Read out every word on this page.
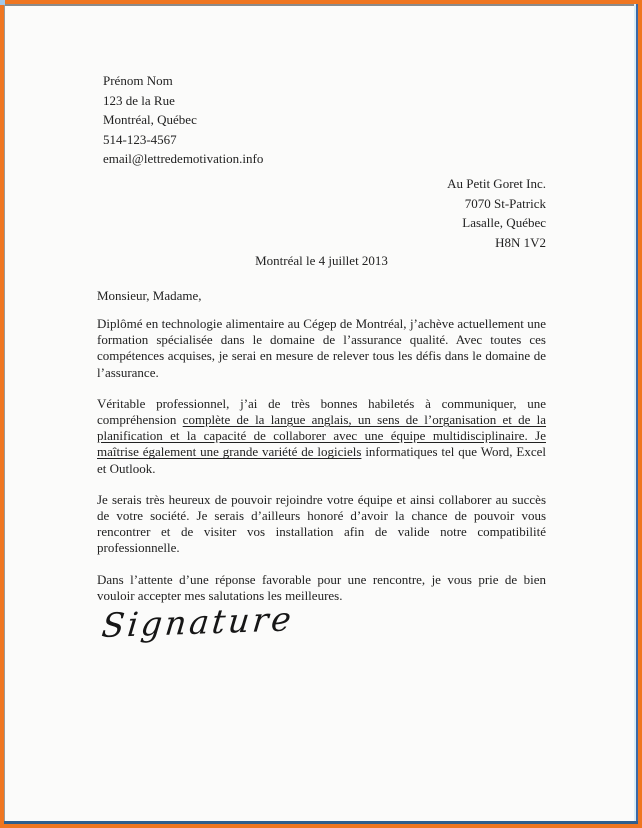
Prénom Nom
123 de la Rue
Montréal, Québec
514-123-4567
email@lettredemotivation.info
Au Petit Goret Inc.
7070 St-Patrick
Lasalle, Québec
H8N 1V2
Montréal le 4 juillet 2013
Monsieur, Madame,

Diplômé en technologie alimentaire au Cégep de Montréal, j’achève actuellement une formation spécialisée dans le domaine de l’assurance qualité. Avec toutes ces compétences acquises, je serai en mesure de relever tous les défis dans le domaine de l’assurance.

Véritable professionnel, j’ai de très bonnes habiletés à communiquer, une compréhension complète de la langue anglais, un sens de l’organisation et de la planification et la capacité de collaborer avec une équipe multidisciplinaire. Je maîtrise également une grande variété de logiciels informatiques tel que Word, Excel et Outlook.

Je serais très heureux de pouvoir rejoindre votre équipe et ainsi collaborer au succès de votre société. Je serais d’ailleurs honoré d’avoir la chance de pouvoir vous rencontrer et de visiter vos installation afin de valide notre compatibilité professionnelle.

Dans l’attente d’une réponse favorable pour une rencontre, je vous prie de bien vouloir accepter mes salutations les meilleures.

Signature
